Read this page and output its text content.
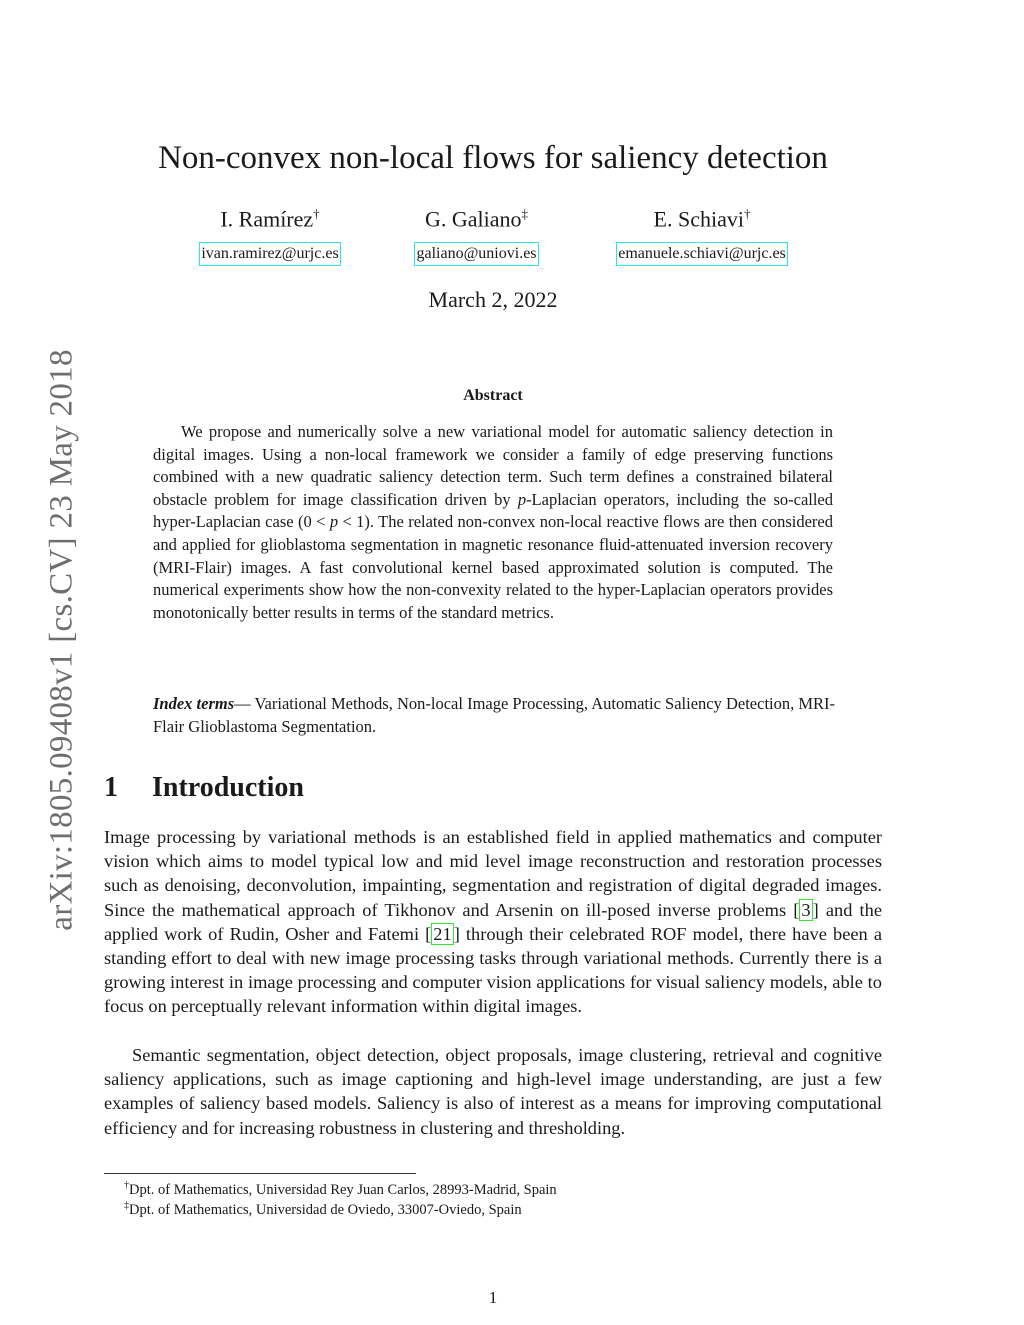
arXiv:1805.09408v1 [cs.CV] 23 May 2018
Non-convex non-local flows for saliency detection
I. Ramírez†
ivan.ramirez@urjc.es
G. Galiano‡
galiano@uniovi.es
E. Schiavi†
emanuele.schiavi@urjc.es
March 2, 2022
Abstract

We propose and numerically solve a new variational model for automatic saliency detection in digital images. Using a non-local framework we consider a family of edge preserving functions combined with a new quadratic saliency detection term. Such term defines a constrained bilateral obstacle problem for image classification driven by p-Laplacian operators, including the so-called hyper-Laplacian case (0 < p < 1). The related non-convex non-local reactive flows are then considered and applied for glioblastoma segmentation in magnetic resonance fluid-attenuated inversion recovery (MRI-Flair) images. A fast convolutional kernel based approximated solution is computed. The numerical experiments show how the non-convexity related to the hyper-Laplacian operators provides monotonically better results in terms of the standard metrics.

Index terms— Variational Methods, Non-local Image Processing, Automatic Saliency Detection, MRI-Flair Glioblastoma Segmentation.

1 Introduction

Image processing by variational methods is an established field in applied mathematics and computer vision which aims to model typical low and mid level image reconstruction and restoration processes such as denoising, deconvolution, impainting, segmentation and registration of digital degraded images. Since the mathematical approach of Tikhonov and Arsenin on ill-posed inverse problems [ 3 ] and the applied work of Rudin, Osher and Fatemi [ 21 ] through their celebrated ROF model, there have been a standing effort to deal with new image processing tasks through variational methods. Currently there is a growing interest in image processing and computer vision applications for visual saliency models, able to focus on perceptually relevant information within digital images.

Semantic segmentation, object detection, object proposals, image clustering, retrieval and cognitive saliency applications, such as image captioning and high-level image understanding, are just a few examples of saliency based models. Saliency is also of interest as a means for improving computational efficiency and for increasing robustness in clustering and thresholding.

†Dpt. of Mathematics, Universidad Rey Juan Carlos, 28993-Madrid, Spain

‡Dpt. of Mathematics, Universidad de Oviedo, 33007-Oviedo, Spain

1
